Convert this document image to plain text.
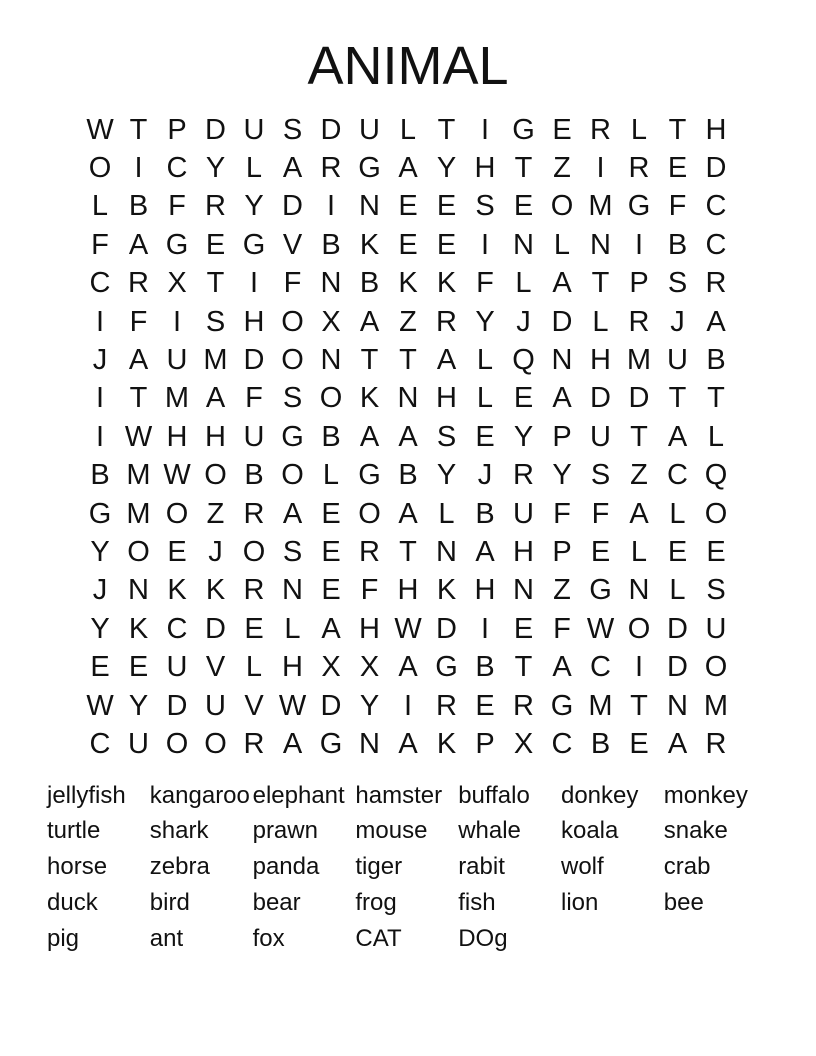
ANIMAL
W T P D U S D U L T I G E R L T H
O I C Y L A R G A Y H T Z I R E D
L B F R Y D I N E E S E O M G F C
F A G E G V B K E E I N L N I B C
C R X T I F N B K K F L A T P S R
I F I S H O X A Z R Y J D L R J A
J A U M D O N T T A L Q N H M U B
I T M A F S O K N H L E A D D T T
I W H H U G B A A S E Y P U T A L
B M W O B O L G B Y J R Y S Z C Q
G M O Z R A E O A L B U F F A L O
Y O E J O S E R T N A H P E L E E
J N K K R N E F H K H N Z G N L S
Y K C D E L A H W D I E F W O D U
E E U V L H X X A G B T A C I D O
W Y D U V W D Y I R E R G M T N M
C U O O R A G N A K P X C B E A R
jellyfish	kangaroo elephant hamster buffalo	donkey	monkey
turtle	shark	prawn	mouse	whale	koala	snake
horse	zebra	panda	tiger	rabit	wolf	crab
duck	bird	bear	frog	fish	lion	bee
pig	ant	fox	CAT	DOg
